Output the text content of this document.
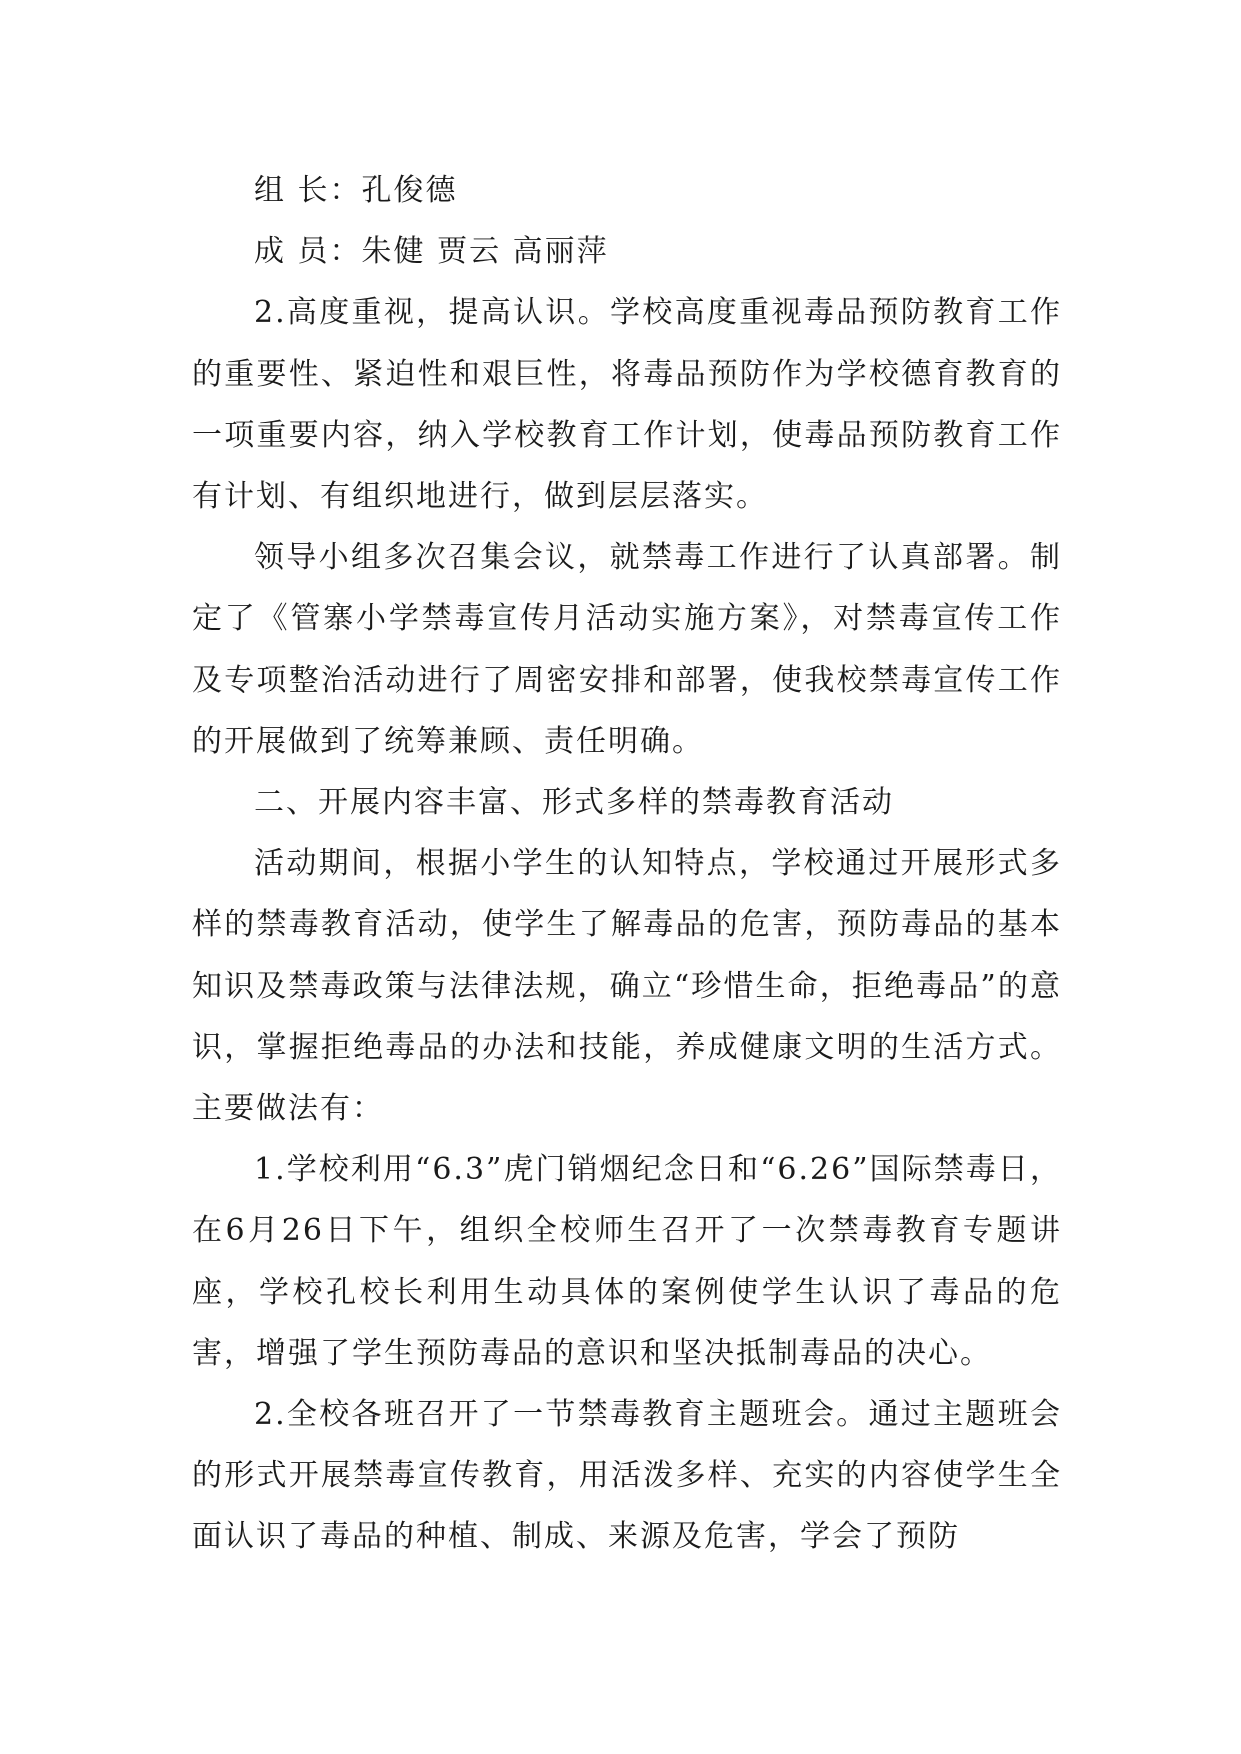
组 长：孔俊德

成 员：朱健 贾云 高丽萍

2.高度重视，提高认识。学校高度重视毒品预防教育工作的重要性、紧迫性和艰巨性，将毒品预防作为学校德育教育的一项重要内容，纳入学校教育工作计划，使毒品预防教育工作有计划、有组织地进行，做到层层落实。

领导小组多次召集会议，就禁毒工作进行了认真部署。制定了《管寨小学禁毒宣传月活动实施方案》，对禁毒宣传工作及专项整治活动进行了周密安排和部署，使我校禁毒宣传工作的开展做到了统筹兼顾、责任明确。

二、开展内容丰富、形式多样的禁毒教育活动

活动期间，根据小学生的认知特点，学校通过开展形式多样的禁毒教育活动，使学生了解毒品的危害，预防毒品的基本知识及禁毒政策与法律法规，确立“珍惜生命，拒绝毒品”的意识，掌握拒绝毒品的办法和技能，养成健康文明的生活方式。主要做法有：

1.学校利用“6.3”虎门销烟纪念日和“6.26”国际禁毒日，在6月26日下午，组织全校师生召开了一次禁毒教育专题讲座，学校孔校长利用生动具体的案例使学生认识了毒品的危害，增强了学生预防毒品的意识和坚决抵制毒品的决心。

2.全校各班召开了一节禁毒教育主题班会。通过主题班会的形式开展禁毒宣传教育，用活泼多样、充实的内容使学生全面认识了毒品的种植、制成、来源及危害，学会了预防
